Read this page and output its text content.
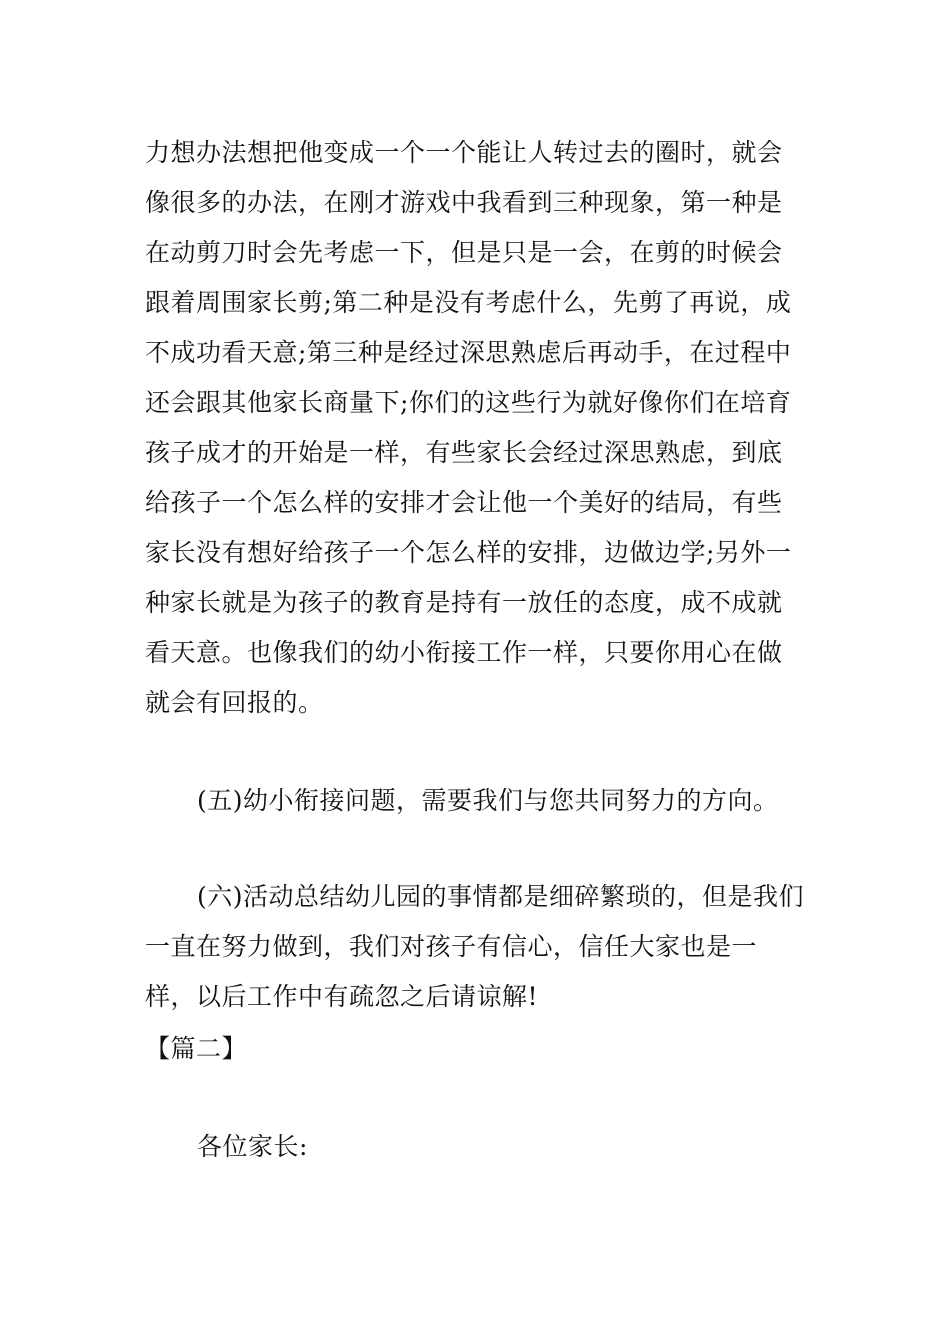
力想办法想把他变成一个一个能让人转过去的圈时，就会像很多的办法，在刚才游戏中我看到三种现象，第一种是在动剪刀时会先考虑一下，但是只是一会，在剪的时候会跟着周围家长剪;第二种是没有考虑什么，先剪了再说，成不成功看天意;第三种是经过深思熟虑后再动手，在过程中还会跟其他家长商量下;你们的这些行为就好像你们在培育孩子成才的开始是一样，有些家长会经过深思熟虑，到底给孩子一个怎么样的安排才会让他一个美好的结局，有些家长没有想好给孩子一个怎么样的安排，边做边学;另外一种家长就是为孩子的教育是持有一放任的态度，成不成就看天意。也像我们的幼小衔接工作一样，只要你用心在做就会有回报的。

(五)幼小衔接问题，需要我们与您共同努力的方向。

(六)活动总结幼儿园的事情都是细碎繁琐的，但是我们一直在努力做到，我们对孩子有信心，信任大家也是一样，以后工作中有疏忽之后请谅解!

【篇二】

各位家长:
